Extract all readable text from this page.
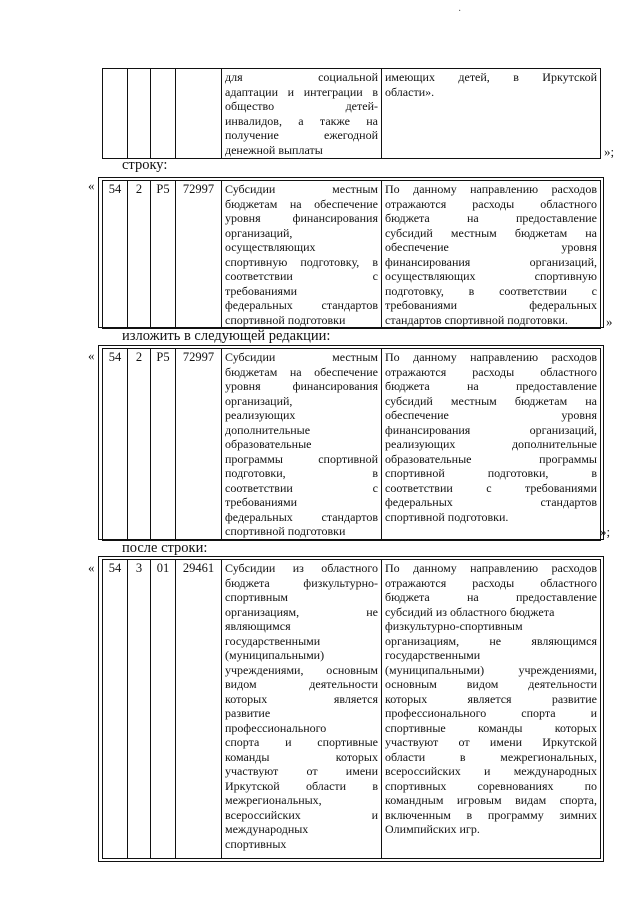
·

для социальной
адаптации и интеграции в
общество детей-
инвалидов, а также на
получение ежегодной
денежной выплаты

имеющих детей, в Иркутской
области».
»;
строку:
« 54	2	P5	72997	Субсидии местным
бюджетам на обеспечение
уровня финансирования
организаций,
осуществляющих
спортивную подготовку, в
соответствии с
требованиями
федеральных стандартов
спортивной подготовки

По данному направлению расходов
отражаются расходы областного
бюджета на предоставление
субсидий местным бюджетам на
обеспечение уровня
финансирования организаций,
осуществляющих спортивную
подготовку, в соответствии с
требованиями федеральных
стандартов спортивной подготовки.	»
изложить в следующей редакции:
« 54	2	P5	72997	Субсидии местным
бюджетам на обеспечение
уровня финансирования
организаций,
реализующих
дополнительные
образовательные
программы спортивной
подготовки, в
соответствии с
требованиями
федеральных стандартов
спортивной подготовки

По данному направлению расходов
отражаются расходы областного
бюджета на предоставление
субсидий местным бюджетам на
обеспечение уровня
финансирования организаций,
реализующих дополнительные
образовательные программы
спортивной подготовки, в
соответствии с требованиями
федеральных стандартов
спортивной подготовки.
»;
после строки:
« 54	3	01	29461	Субсидии из областного
бюджета физкультурно-
спортивным
организациям, не
являющимся
государственными
(муниципальными)
учреждениями, основным
видом деятельности
которых является
развитие
профессионального
спорта и спортивные
команды которых
участвуют от имени
Иркутской области в
межрегиональных,
всероссийских и
международных
спортивных

По данному направлению расходов
отражаются расходы областного
бюджета на предоставление
субсидий из областного бюджета
физкультурно-спортивным
организациям, не являющимся
государственными
(муниципальными) учреждениями,
основным видом деятельности
которых является развитие
профессионального спорта и
спортивные команды которых
участвуют от имени Иркутской
области в межрегиональных,
всероссийских и международных
спортивных соревнованиях по
командным игровым видам спорта,
включенным в программу зимних
Олимпийских игр.
